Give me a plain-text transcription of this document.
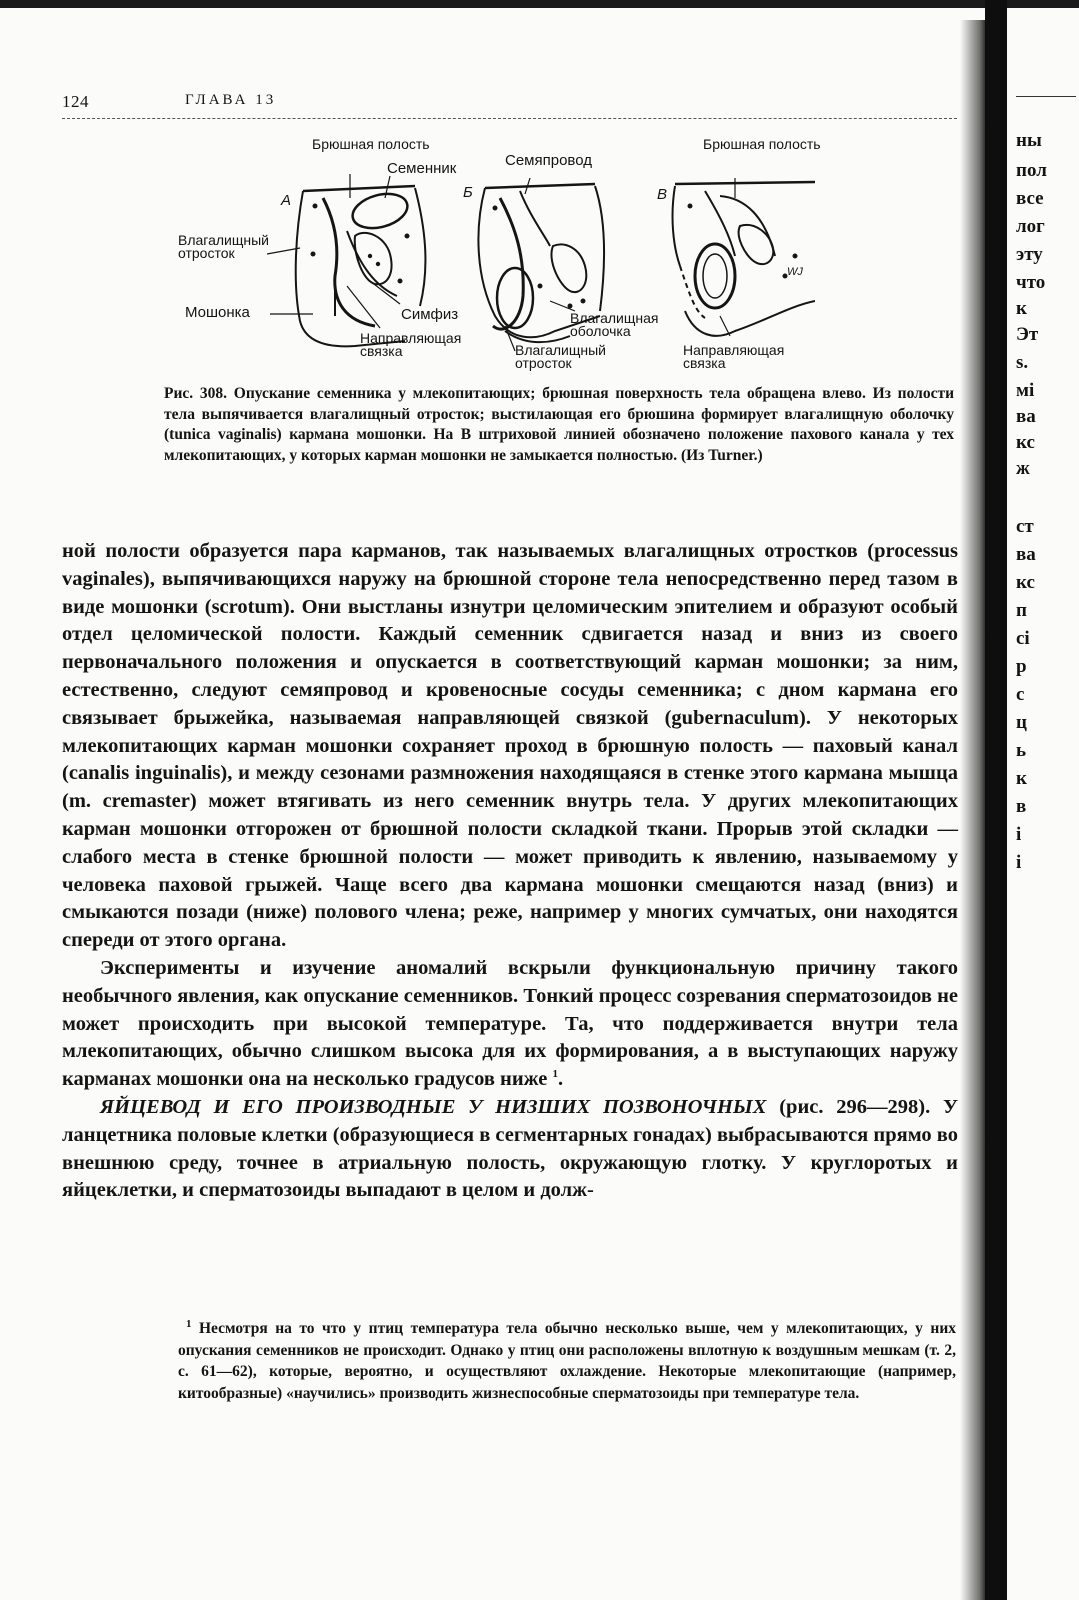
124	ГЛАВА 13
Брюшная полость
Семенник	Семяпровод
Брюшная полость
А	Б	В
Влагалищный отросток
Мошонка	Симфиз
Направляющая связка
Влагалищная оболочка
Влагалищный отросток
Направляющая связка
WJ
Рис. 308. Опускание семенника у млекопитающих; брюшная поверхность тела обращена влево. Из полости тела выпячивается влагалищный отросток; выстилающая его брюшина формирует влагалищную оболочку (tunica vaginalis) кармана мошонки. На В штриховой линией обозначено положение пахового канала у тех млекопитающих, у которых карман мошонки не замыкается полностью. (Из Turner.)

ной полости образуется пара карманов, так называемых влагалищных отростков (processus vaginales), выпячивающихся наружу на брюшной стороне тела непосредственно перед тазом в виде мошонки (scrotum). Они выстланы изнутри целомическим эпителием и образуют особый отдел целомической полости. Каждый семенник сдвигается назад и вниз из своего первоначального положения и опускается в соответствующий карман мошонки; за ним, естественно, следуют семяпровод и кровеносные сосуды семенника; с дном кармана его связывает брыжейка, называемая направляющей связкой (gubernaculum). У некоторых млекопитающих карман мошонки сохраняет проход в брюшную полость — паховый канал (canalis inguinalis), и между сезонами размножения находящаяся в стенке этого кармана мышца (m. cremaster) может втягивать из него семенник внутрь тела. У других млекопитающих карман мошонки отгорожен от брюшной полости складкой ткани. Прорыв этой складки — слабого места в стенке брюшной полости — может приводить к явлению, называемому у человека паховой грыжей. Чаще всего два кармана мошонки смещаются назад (вниз) и смыкаются позади (ниже) полового члена; реже, например у многих сумчатых, они находятся спереди от этого органа.

Эксперименты и изучение аномалий вскрыли функциональную причину такого необычного явления, как опускание семенников. Тонкий процесс созревания сперматозоидов не может происходить при высокой температуре. Та, что поддерживается внутри тела млекопитающих, обычно слишком высока для их формирования, а в выступающих наружу карманах мошонки она на несколько градусов ниже $^1$.

ЯЙЦЕВОД И ЕГО ПРОИЗВОДНЫЕ У НИЗШИХ ПОЗВОНОЧНЫХ (рис. 296—298). У ланцетника половые клетки (образующиеся в сегментарных гонадах) выбрасываются прямо во внешнюю среду, точнее в атриальную полость, окружающую глотку. У круглоротых и яйцеклетки, и сперматозоиды выпадают в целом и долж-

$^1$ Несмотря на то что у птиц температура тела обычно несколько выше, чем у млекопитающих, у них опускания семенников не происходит. Однако у птиц они расположены вплотную к воздушным мешкам (т. 2, с. 61—62), которые, вероятно, и осуществляют охлаждение. Некоторые млекопитающие (например, китообразные) «научились» производить жизнеспособные сперматозоиды при температуре тела.

ны
пол
все
лог
эту
что
к
Эт
s.
мі
ва
кс
ж
ст
ва
кс
п
сі
р
с
ц
ь
к
в
і
і
